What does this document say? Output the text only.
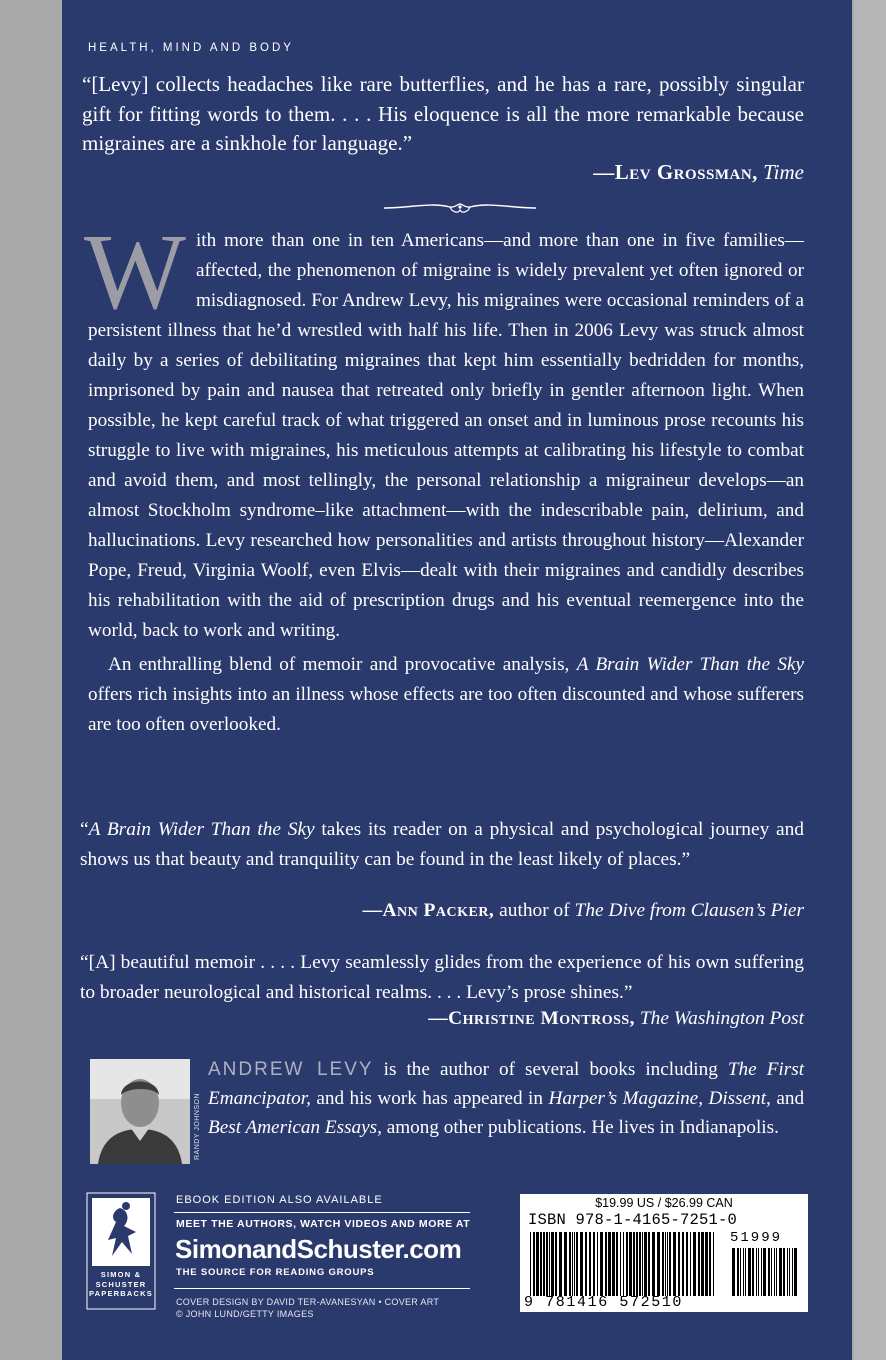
HEALTH, MIND AND BODY
“[Levy] collects headaches like rare butterflies, and he has a rare, possibly singular gift for fitting words to them. . . . His eloquence is all the more remarkable because migraines are a sinkhole for language.”
—Lev Grossman, Time

With more than one in ten Americans—and more than one in five families—affected, the phenomenon of migraine is widely prevalent yet often ignored or misdiagnosed. For Andrew Levy, his migraines were occasional reminders of a persistent illness that he’d wrestled with half his life. Then in 2006 Levy was struck almost daily by a series of debilitating migraines that kept him essentially bedridden for months, imprisoned by pain and nausea that retreated only briefly in gentler afternoon light. When possible, he kept careful track of what triggered an onset and in luminous prose recounts his struggle to live with migraines, his meticulous attempts at calibrating his lifestyle to combat and avoid them, and most tellingly, the personal relationship a migraineur develops—an almost Stockholm syndrome–like attachment—with the indescribable pain, delirium, and hallucinations. Levy researched how personalities and artists throughout history—Alexander Pope, Freud, Virginia Woolf, even Elvis—dealt with their migraines and candidly describes his rehabilitation with the aid of prescription drugs and his eventual reemergence into the world, back to work and writing.

An enthralling blend of memoir and provocative analysis, A Brain Wider Than the Sky offers rich insights into an illness whose effects are too often discounted and whose sufferers are too often overlooked.

“A Brain Wider Than the Sky takes its reader on a physical and psychological journey and shows us that beauty and tranquility can be found in the least likely of places.”
—Ann Packer, author of The Dive from Clausen’s Pier
“[A] beautiful memoir . . . . Levy seamlessly glides from the experience of his own suffering to broader neurological and historical realms. . . . Levy’s prose shines.”
—Christine Montross, The Washington Post
RANDY JOHNSON
ANDREW LEVY is the author of several books including The First Emancipator, and his work has appeared in Harper’s Magazine, Dissent, and Best American Essays, among other publications. He lives in Indianapolis.
SIMON &
SCHUSTER
PAPERBACKS
EBOOK EDITION ALSO AVAILABLE
MEET THE AUTHORS, WATCH VIDEOS AND MORE AT
SimonandSchuster.com
THE SOURCE FOR READING GROUPS
COVER DESIGN BY DAVID TER-AVANESYAN • COVER ART
© JOHN LUND/GETTY IMAGES
$19.99 US / $26.99 CAN
ISBN 978-1-4165-7251-0
51999
9 781416 572510
